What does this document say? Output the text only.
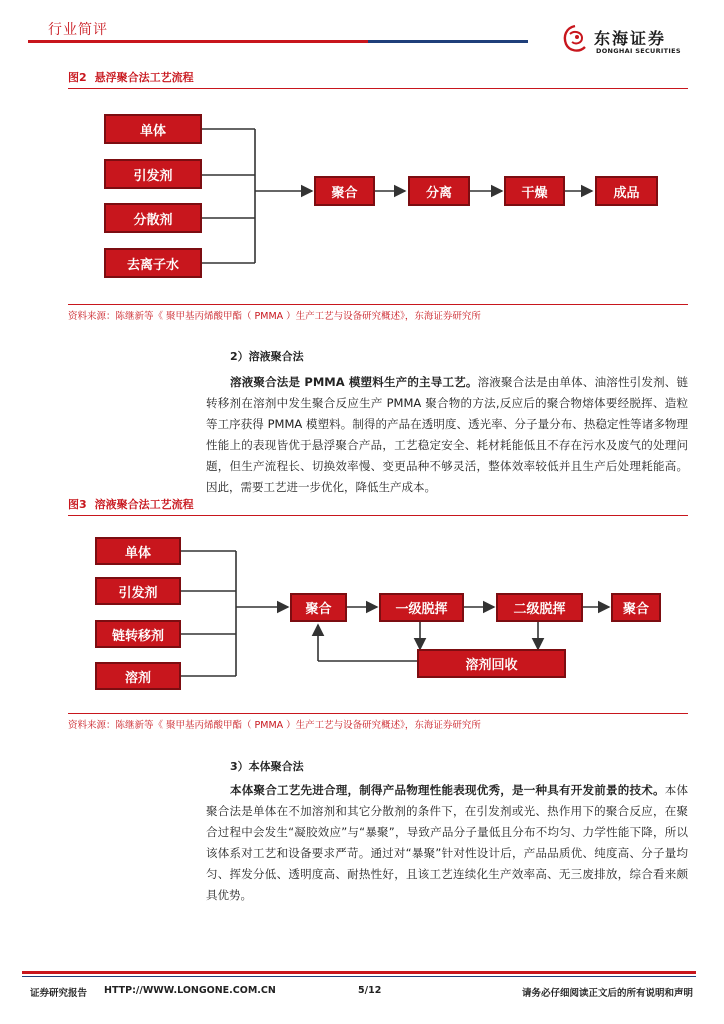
行业简评	东海证券
DONGHAI SECURITIES
图2 悬浮聚合法工艺流程
单体
引发剂
分散剂
去离子水
聚合	分离	干燥	成品
资料来源：陈继新等《 聚甲基丙烯酸甲酯（ PMMA ）生产工艺与设备研究概述》，东海证券研究所
2）溶液聚合法
溶液聚合法是 PMMA 模塑料生产的主导工艺。溶液聚合法是由单体、油溶性引发剂、链转移剂在溶剂中发生聚合反应生产 PMMA 聚合物的方法,反应后的聚合物熔体要经脱挥、造粒等工序获得 PMMA 模塑料。制得的产品在透明度、透光率、分子量分布、热稳定性等诸多物理性能上的表现皆优于悬浮聚合产品，工艺稳定安全、耗材耗能低且不存在污水及废气的处理问题，但生产流程长、切换效率慢、变更品种不够灵活，整体效率较低并且生产后处理耗能高。因此，需要工艺进一步优化，降低生产成本。
图3 溶液聚合法工艺流程
单体
引发剂
链转移剂
溶剂
聚合	一级脱挥	二级脱挥	聚合
溶剂回收
资料来源：陈继新等《 聚甲基丙烯酸甲酯（ PMMA ）生产工艺与设备研究概述》，东海证券研究所
3）本体聚合法
本体聚合工艺先进合理，制得产品物理性能表现优秀，是一种具有开发前景的技术。本体聚合法是单体在不加溶剂和其它分散剂的条件下，在引发剂或光、热作用下的聚合反应，在聚合过程中会发生“凝胶效应”与“暴聚”，导致产品分子量低且分布不均匀、力学性能下降，所以该体系对工艺和设备要求严苛。通过对“暴聚”针对性设计后，产品品质优、纯度高、分子量均匀、挥发分低、透明度高、耐热性好，且该工艺连续化生产效率高、无三废排放，综合看来颇具优势。
证券研究报告 HTTP://WWW.LONGONE.COM.CN	5/12	请务必仔细阅读正文后的所有说明和声明
